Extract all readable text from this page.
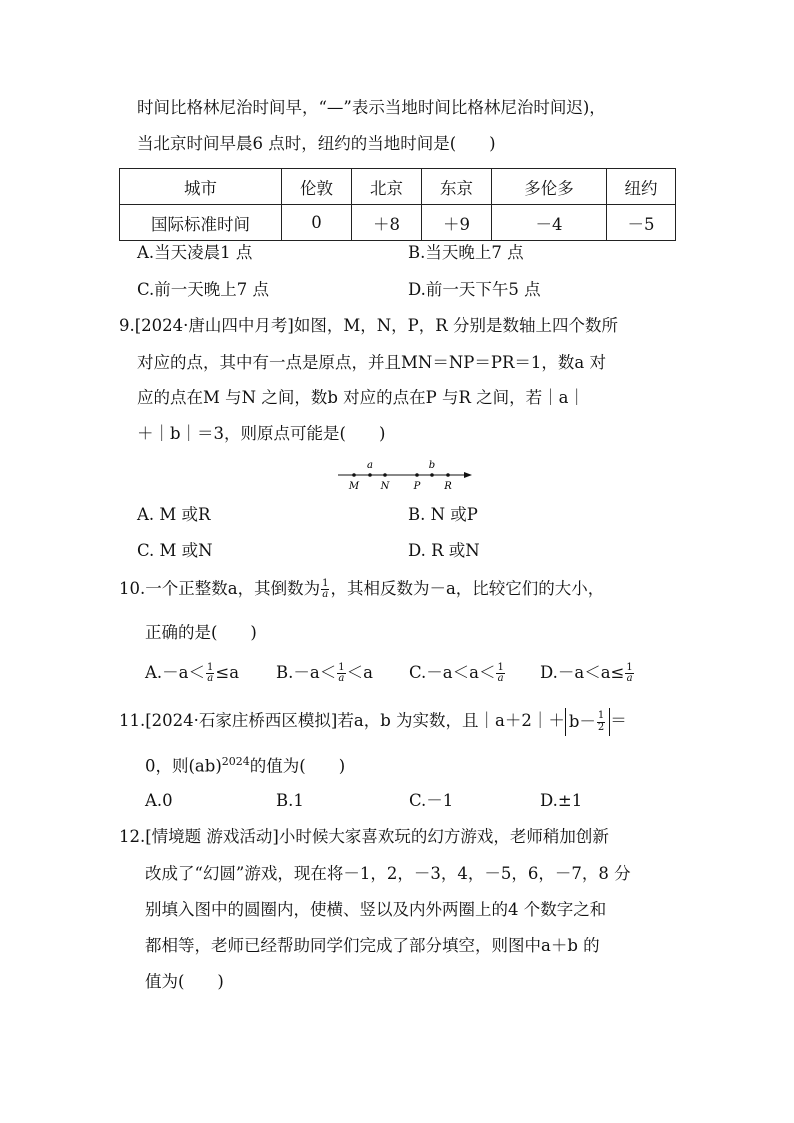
时间比格林尼治时间早，“—”表示当地时间比格林尼治时间迟)，
当北京时间早晨6 点时，纽约的当地时间是(　　)
城市	伦敦	北京	东京	多伦多	纽约
国际标准时间	0	＋8	＋9	－4	－5
A.当天凌晨1 点	B.当天晚上7 点
C.前一天晚上7 点	D.前一天下午5 点
9.[2024·唐山四中月考]如图，M，N，P，R 分别是数轴上四个数所
对应的点，其中有一点是原点，并且MN＝NP＝PR＝1，数a 对
应的点在M 与N 之间，数b 对应的点在P 与R 之间，若｜a｜
＋｜b｜＝3，则原点可能是(　　)
a	b
M N P R
A. M 或R	B. N 或P
C. M 或N	D. R 或N
10.一个正整数a，其倒数为 $\frac{1}{a}$ ，其相反数为－a，比较它们的大小，
正确的是(　　)
$A.-a< \frac{1}{a} \le a$ $B.-a< \frac{1}{a} <a$ $C.-a<a< \frac{1}{a} D.-a<a\le \frac{1}{a}$
11.[2024·石家庄桥西区模拟]若a，b 为实数，且｜a＋2｜＋ $b- \frac{1}{2}$ ＝
0，则(ab)$^{2024}$的值为(　　)
A.0	B.1	C.－1	D.±1
12.[情境题 游戏活动]小时候大家喜欢玩的幻方游戏，老师稍加创新
改成了“幻圆”游戏，现在将－1，2，－3，4，－5，6，－7，8 分
别填入图中的圆圈内，使横、竖以及内外两圈上的4 个数字之和
都相等，老师已经帮助同学们完成了部分填空，则图中a＋b 的
值为(　　)
